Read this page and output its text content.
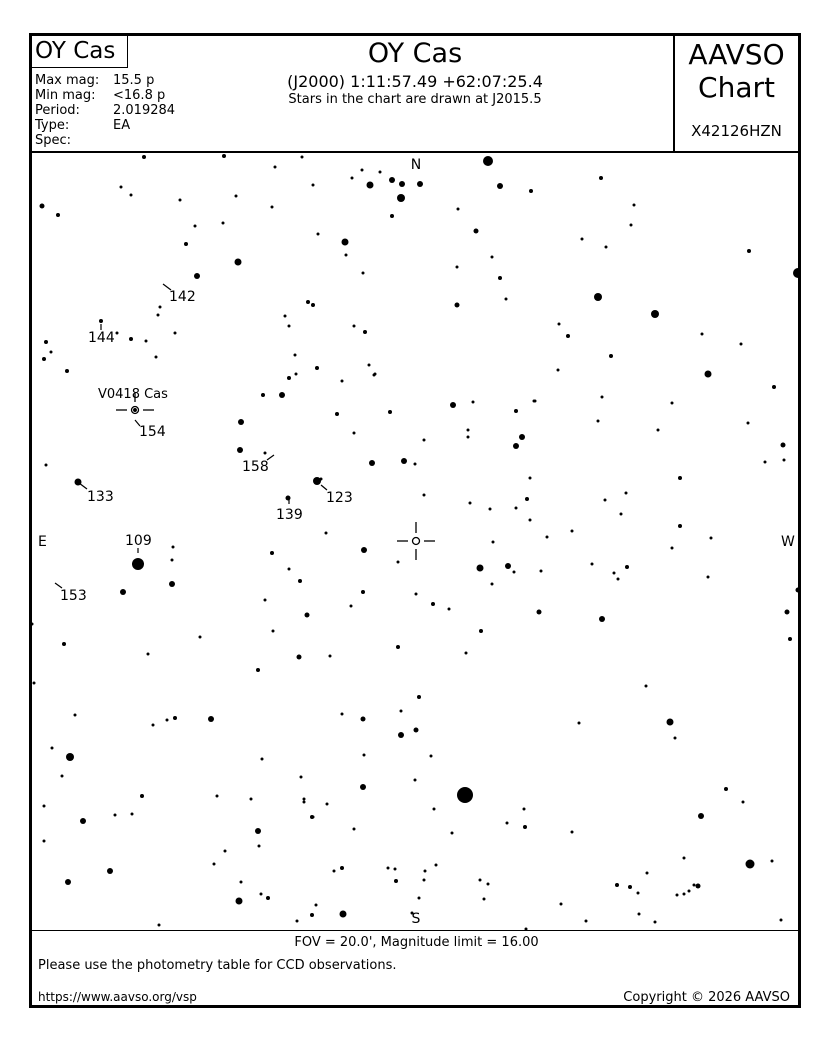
OY Cas
Max mag:	15.5 p
Min mag:	<16.8 p
Period:	2.019284
Type:	EA
Spec:
OY Cas
(J2000) 1:11:57.49 +62:07:25.4
Stars in the chart are drawn at J2015.5
AAVSO
Chart
X42126HZN
V0418 Cas
N
S
E	W
142
144
154
158
133	123
139
109
153
FOV = 20.0', Magnitude limit = 16.00
Please use the photometry table for CCD observations.
https://www.aavso.org/vsp	Copyright © 2026 AAVSO
